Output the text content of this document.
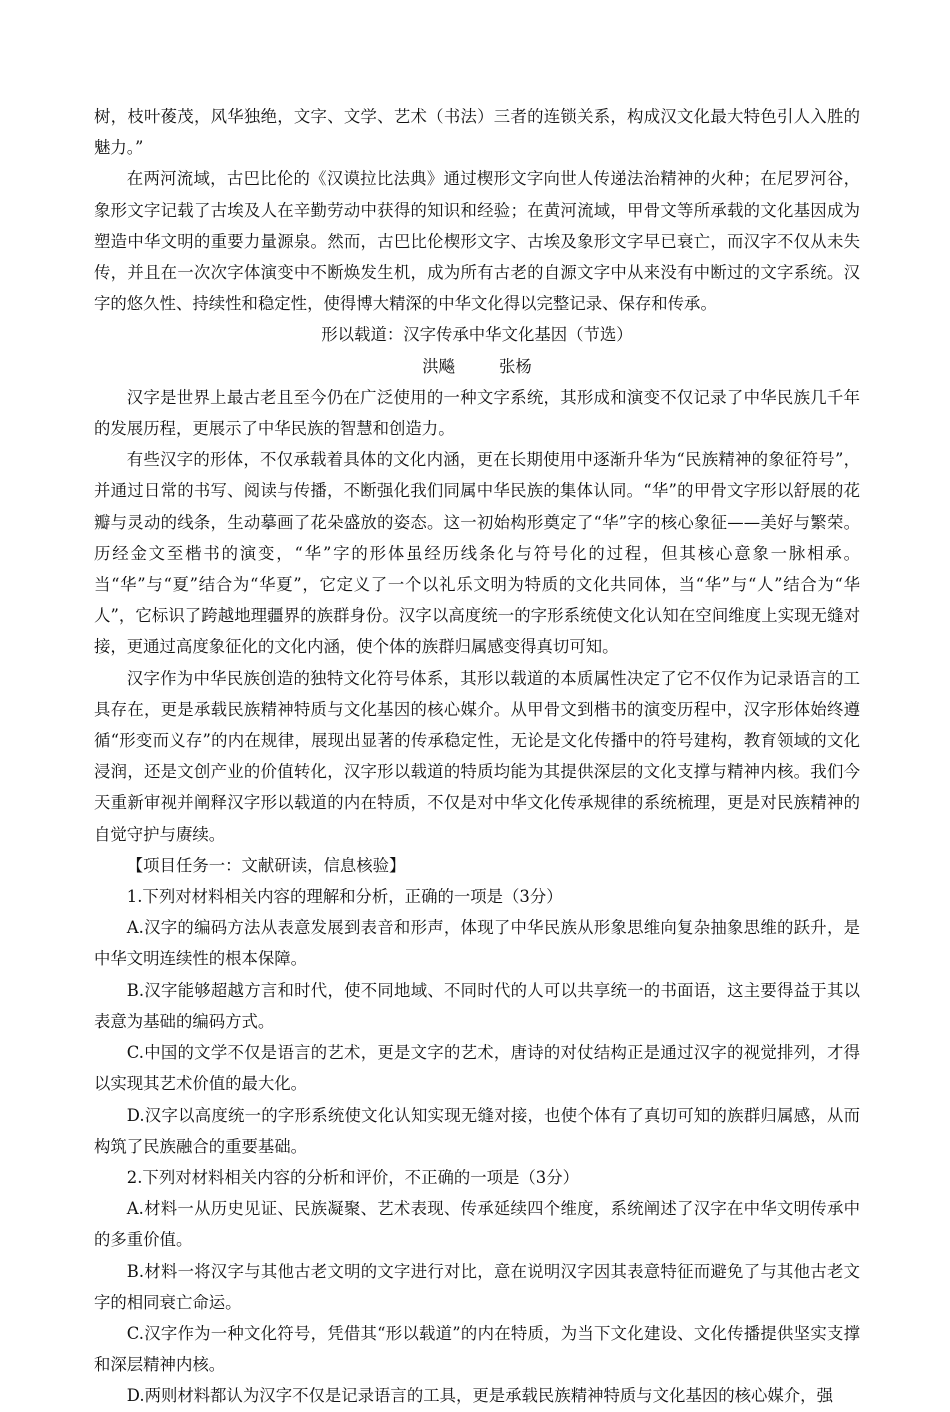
树，枝叶葰茂，风华独绝，文字、文学、艺术（书法）三者的连锁关系，构成汉文化最大特色引人入胜的魅力。”

在两河流域，古巴比伦的《汉谟拉比法典》通过楔形文字向世人传递法治精神的火种；在尼罗河谷，象形文字记载了古埃及人在辛勤劳动中获得的知识和经验；在黄河流域，甲骨文等所承载的文化基因成为塑造中华文明的重要力量源泉。然而，古巴比伦楔形文字、古埃及象形文字早已衰亡，而汉字不仅从未失传，并且在一次次字体演变中不断焕发生机，成为所有古老的自源文字中从来没有中断过的文字系统。汉字的悠久性、持续性和稳定性，使得博大精深的中华文化得以完整记录、保存和传承。

形以载道：汉字传承中华文化基因（节选）

洪飚	张杨

汉字是世界上最古老且至今仍在广泛使用的一种文字系统，其形成和演变不仅记录了中华民族几千年的发展历程，更展示了中华民族的智慧和创造力。

有些汉字的形体，不仅承载着具体的文化内涵，更在长期使用中逐渐升华为“民族精神的象征符号”，并通过日常的书写、阅读与传播，不断强化我们同属中华民族的集体认同。“华”的甲骨文字形以舒展的花瓣与灵动的线条，生动摹画了花朵盛放的姿态。这一初始构形奠定了“华”字的核心象征——美好与繁荣。历经金文至楷书的演变，“华”字的形体虽经历线条化与符号化的过程，但其核心意象一脉相承。当“华”与“夏”结合为“华夏”，它定义了一个以礼乐文明为特质的文化共同体，当“华”与“人”结合为“华人”，它标识了跨越地理疆界的族群身份。汉字以高度统一的字形系统使文化认知在空间维度上实现无缝对接，更通过高度象征化的文化内涵，使个体的族群归属感变得真切可知。

汉字作为中华民族创造的独特文化符号体系，其形以载道的本质属性决定了它不仅作为记录语言的工具存在，更是承载民族精神特质与文化基因的核心媒介。从甲骨文到楷书的演变历程中，汉字形体始终遵循“形变而义存”的内在规律，展现出显著的传承稳定性，无论是文化传播中的符号建构，教育领域的文化浸润，还是文创产业的价值转化，汉字形以载道的特质均能为其提供深层的文化支撑与精神内核。我们今天重新审视并阐释汉字形以载道的内在特质，不仅是对中华文化传承规律的系统梳理，更是对民族精神的自觉守护与赓续。

【项目任务一：文献研读，信息核验】

1.下列对材料相关内容的理解和分析，正确的一项是（3分）

A.汉字的编码方法从表意发展到表音和形声，体现了中华民族从形象思维向复杂抽象思维的跃升，是中华文明连续性的根本保障。

B.汉字能够超越方言和时代，使不同地域、不同时代的人可以共享统一的书面语，这主要得益于其以表意为基础的编码方式。

C.中国的文学不仅是语言的艺术，更是文字的艺术，唐诗的对仗结构正是通过汉字的视觉排列，才得以实现其艺术价值的最大化。

D.汉字以高度统一的字形系统使文化认知实现无缝对接，也使个体有了真切可知的族群归属感，从而构筑了民族融合的重要基础。

2.下列对材料相关内容的分析和评价，不正确的一项是（3分）

A.材料一从历史见证、民族凝聚、艺术表现、传承延续四个维度，系统阐述了汉字在中华文明传承中的多重价值。

B.材料一将汉字与其他古老文明的文字进行对比，意在说明汉字因其表意特征而避免了与其他古老文字的相同衰亡命运。

C.汉字作为一种文化符号，凭借其“形以载道”的内在特质，为当下文化建设、文化传播提供坚实支撑和深层精神内核。

D.两则材料都认为汉字不仅是记录语言的工具，更是承载民族精神特质与文化基因的核心媒介，强
